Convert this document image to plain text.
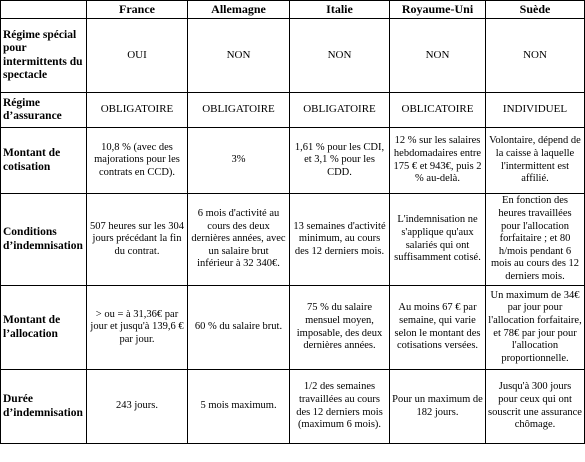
	France	Allemagne	Italie	Royaume-Uni	Suède
Régime spécial pour intermittents du spectacle	OUI	NON	NON	NON	NON
Régime d’assurance	OBLIGATOIRE	OBLIGATOIRE	OBLIGATOIRE	OBLICATOIRE	INDIVIDUEL
Montant de cotisation	10,8 % (avec des majorations pour les contrats en CCD).	3%	1,61 % pour les CDI, et 3,1 % pour les CDD.	12 % sur les salaires hebdomadaires entre 175 € et 943€, puis 2 % au-delà.	Volontaire, dépend de la caisse à laquelle l'intermittent est affilié.
Conditions d’indemnisation	507 heures sur les 304 jours précédant la fin du contrat.	6 mois d'activité au cours des deux dernières années, avec un salaire brut inférieur à 32 340€.	13 semaines d'activité minimum, au cours des 12 derniers mois.	L'indemnisation ne s'applique qu'aux salariés qui ont suffisamment cotisé.	En fonction des heures travaillées pour l'allocation forfaitaire ; et 80 h/mois pendant 6 mois au cours des 12 derniers mois.
Montant de l’allocation	> ou = à 31,36€ par jour et jusqu'à 139,6 € par jour.	60 % du salaire brut.	75 % du salaire mensuel moyen, imposable, des deux dernières années.	Au moins 67 € par semaine, qui varie selon le montant des cotisations versées.	Un maximum de 34€ par jour pour l'allocation forfaitaire, et 78€ par jour pour l'allocation proportionnelle.
Durée d’indemnisation	243 jours.	5 mois maximum.	1/2 des semaines travaillées au cours des 12 derniers mois (maximum 6 mois).	Pour un maximum de 182 jours.	Jusqu'à 300 jours pour ceux qui ont souscrit une assurance chômage.
